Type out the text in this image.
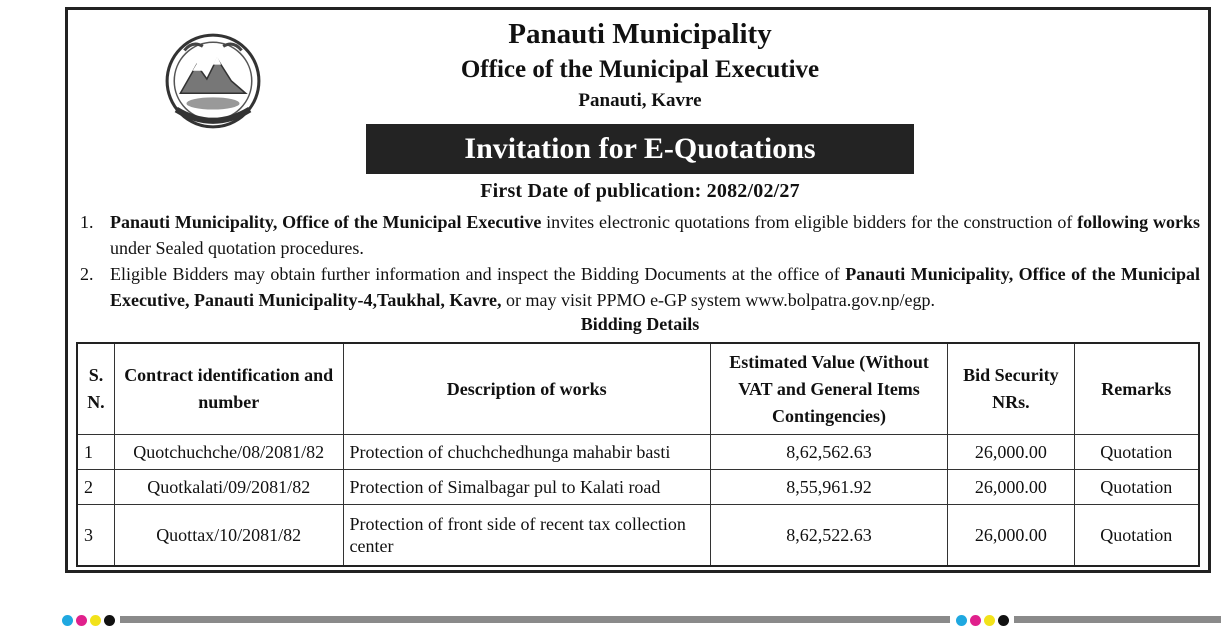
Panauti Municipality
Office of the Municipal Executive
Panauti, Kavre
Invitation for E-Quotations
First Date of publication: 2082/02/27
1. Panauti Municipality, Office of the Municipal Executive invites electronic quotations from eligible bidders for the construction of following works under Sealed quotation procedures.
2. Eligible Bidders may obtain further information and inspect the Bidding Documents at the office of Panauti Municipality, Office of the Municipal Executive, Panauti Municipality-4,Taukhal, Kavre, or may visit PPMO e-GP system www.bolpatra.gov.np/egp.
Bidding Details
S. N.	Contract identification and number	Description of works	Estimated Value (Without VAT and General Items Contingencies)	Bid Security NRs.	Remarks
1	Quotchuchche/08/2081/82	Protection of chuchchedhunga mahabir basti	8,62,562.63	26,000.00	Quotation
2	Quotkalati/09/2081/82	Protection of Simalbagar pul to Kalati road	8,55,961.92	26,000.00	Quotation
3	Quottax/10/2081/82	Protection of front side of recent tax collection center	8,62,522.63	26,000.00	Quotation
